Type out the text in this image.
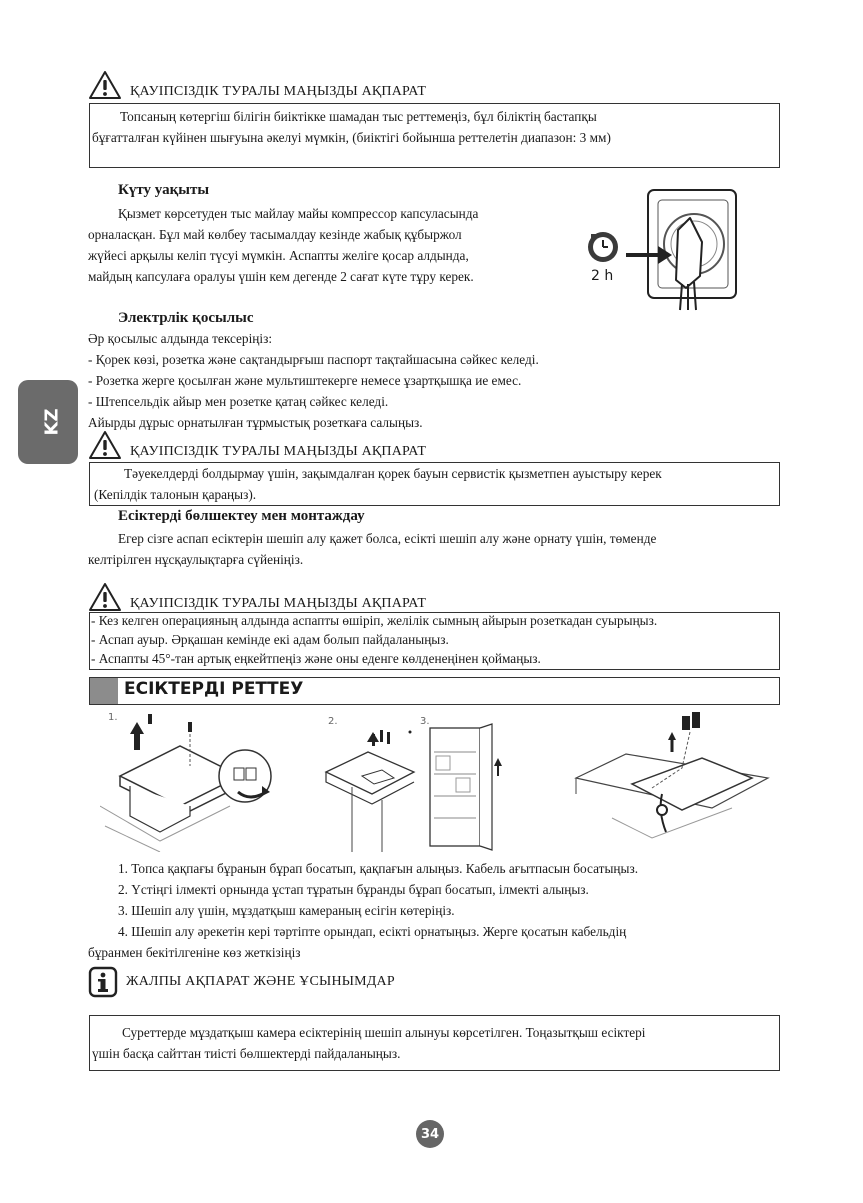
KZ
ҚАУІПСІЗДІК ТУРАЛЫ МАҢЫЗДЫ АҚПАРАТ
Топсаның көтергіш білігін биіктікке шамадан тыс реттемеңіз, бұл біліктің бастапқы
бұғатталған күйінен шығуына әкелуі мүмкін, (биіктігі бойынша реттелетін диапазон: 3 мм)
Күту уақыты
Қызмет көрсетуден тыс майлау майы компрессор капсуласында
орналасқан. Бұл май көлбеу тасымалдау кезінде жабық құбыржол
жүйесі арқылы келіп түсуі мүмкін. Аспапты желіге қосар алдында,
майдың капсулаға оралуы үшін кем дегенде 2 сағат күте тұру керек.	2 h
Электрлік қосылыс
Әр қосылыс алдында тексеріңіз:
- Қорек көзі, розетка және сақтандырғыш паспорт тақтайшасына сәйкес келеді.
- Розетка жерге қосылған және мультиштекерге немесе ұзартқышқа ие емес.
- Штепсельдік айыр мен розетке қатаң сәйкес келеді.
Айырды дұрыс орнатылған тұрмыстық розеткаға салыңыз.
ҚАУІПСІЗДІК ТУРАЛЫ МАҢЫЗДЫ АҚПАРАТ
Тәуекелдерді болдырмау үшін, зақымдалған қорек бауын сервистік қызметпен ауыстыру керек
(Кепілдік талонын қараңыз).
Есіктерді бөлшектеу мен монтаждау
Егер сізге аспап есіктерін шешіп алу қажет болса, есікті шешіп алу және орнату үшін, төменде
келтірілген нұсқаулықтарға сүйеніңіз.
ҚАУІПСІЗДІК ТУРАЛЫ МАҢЫЗДЫ АҚПАРАТ
- Кез келген операцияның алдында аспапты өшіріп, желілік сымның айырын розеткадан суырыңыз.
- Аспап ауыр. Әрқашан кемінде екі адам болып пайдаланыңыз.
- Аспапты 45°-тан артық еңкейтпеңіз және оны еденге көлденеңінен қоймаңыз.
ЕСІКТЕРДІ РЕТТЕУ
1.	2.	3.
1. Топса қақпағы бұранын бұрап босатып, қақпағын алыңыз. Кабель ағытпасын босатыңыз.
2. Үстіңгі ілмекті орнында ұстап тұратын бұранды бұрап босатып, ілмекті алыңыз.
3. Шешіп алу үшін, мұздатқыш камераның есігін көтеріңіз.
4. Шешіп алу әрекетін кері тәртіпте орындап, есікті орнатыңыз. Жерге қосатын кабельдің
бұранмен бекітілгеніне көз жеткізіңіз
ЖАЛПЫ АҚПАРАТ ЖӘНЕ ҰСЫНЫМДАР
Суреттерде мұздатқыш камера есіктерінің шешіп алынуы көрсетілген. Тоңазытқыш есіктері
үшін басқа сайттан тиісті бөлшектерді пайдаланыңыз.
34
